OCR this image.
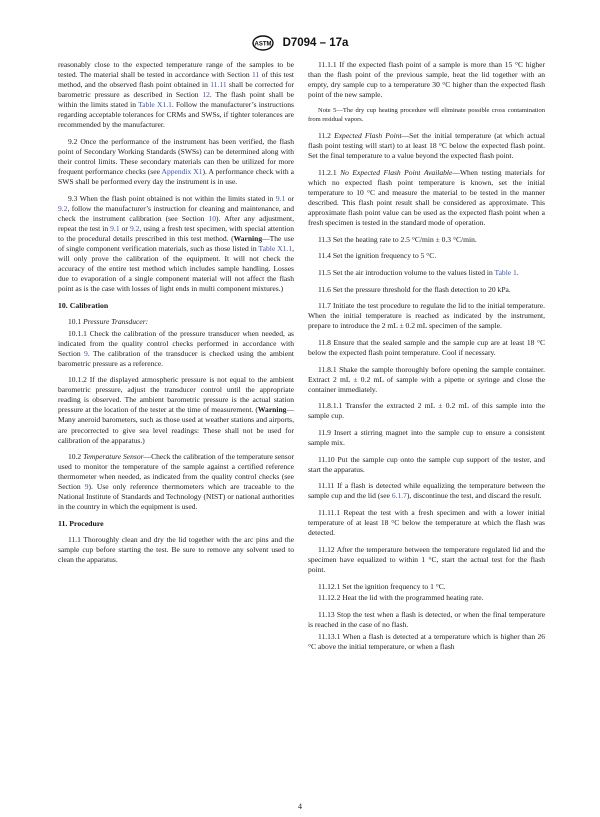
ASTM D7094 – 17a

reasonably close to the expected temperature range of the samples to be tested. The material shall be tested in accordance with Section 11 of this test method, and the observed flash point obtained in 11.11 shall be corrected for barometric pressure as described in Section 12. The flash point shall be within the limits stated in Table X1.1. Follow the manufacturer’s instructions regarding acceptable tolerances for CRMs and SWSs, if tighter tolerances are recommended by the manufacturer.

9.2 Once the performance of the instrument has been verified, the flash point of Secondary Working Standards (SWSs) can be determined along with their control limits. These secondary materials can then be utilized for more frequent performance checks (see Appendix X1). A performance check with a SWS shall be performed every day the instrument is in use.

9.3 When the flash point obtained is not within the limits stated in 9.1 or 9.2, follow the manufacturer’s instruction for cleaning and maintenance, and check the instrument calibration (see Section 10). After any adjustment, repeat the test in 9.1 or 9.2, using a fresh test specimen, with special attention to the procedural details prescribed in this test method. (Warning—The use of single component verification materials, such as those listed in Table X1.1, will only prove the calibration of the equipment. It will not check the accuracy of the entire test method which includes sample handling. Losses due to evaporation of a single component material will not affect the flash point as is the case with losses of light ends in multi component mixtures.)

10. Calibration

10.1 Pressure Transducer:

10.1.1 Check the calibration of the pressure transducer when needed, as indicated from the quality control checks performed in accordance with Section 9. The calibration of the transducer is checked using the ambient barometric pressure as a reference.

10.1.2 If the displayed atmospheric pressure is not equal to the ambient barometric pressure, adjust the transducer control until the appropriate reading is observed. The ambient barometric pressure is the actual station pressure at the location of the tester at the time of measurement. (Warning—Many aneroid barometers, such as those used at weather stations and airports, are precorrected to give sea level readings: These shall not be used for calibration of the apparatus.)

10.2 Temperature Sensor—Check the calibration of the temperature sensor used to monitor the temperature of the sample against a certified reference thermometer when needed, as indicated from the quality control checks (see Section 9). Use only reference thermometers which are traceable to the National Institute of Standards and Technology (NIST) or national authorities in the country in which the equipment is used.

11. Procedure

11.1 Thoroughly clean and dry the lid together with the arc pins and the sample cup before starting the test. Be sure to remove any solvent used to clean the apparatus.

11.1.1 If the expected flash point of a sample is more than 15 °C higher than the flash point of the previous sample, heat the lid together with an empty, dry sample cup to a temperature 30 °C higher than the expected flash point of the new sample.

Note 5—The dry cup heating procedure will eliminate possible cross contamination from residual vapors.

11.2 Expected Flash Point—Set the initial temperature (at which actual flash point testing will start) to at least 18 °C below the expected flash point. Set the final temperature to a value beyond the expected flash point.

11.2.1 No Expected Flash Point Available—When testing materials for which no expected flash point temperature is known, set the initial temperature to 10 °C and measure the material to be tested in the manner described. This flash point result shall be considered as approximate. This approximate flash point value can be used as the expected flash point when a fresh specimen is tested in the standard mode of operation.

11.3 Set the heating rate to 2.5 °C/min ± 0.3 °C/min.

11.4 Set the ignition frequency to 5 °C.

11.5 Set the air introduction volume to the values listed in Table 1.

11.6 Set the pressure threshold for the flash detection to 20 kPa.

11.7 Initiate the test procedure to regulate the lid to the initial temperature. When the initial temperature is reached as indicated by the instrument, prepare to introduce the 2 mL ± 0.2 mL specimen of the sample.

11.8 Ensure that the sealed sample and the sample cup are at least 18 °C below the expected flash point temperature. Cool if necessary.

11.8.1 Shake the sample thoroughly before opening the sample container. Extract 2 mL ± 0.2 mL of sample with a pipette or syringe and close the container immediately.

11.8.1.1 Transfer the extracted 2 mL ± 0.2 mL of this sample into the sample cup.

11.9 Insert a stirring magnet into the sample cup to ensure a consistent sample mix.

11.10 Put the sample cup onto the sample cup support of the tester, and start the apparatus.

11.11 If a flash is detected while equalizing the temperature between the sample cup and the lid (see 6.1.7), discontinue the test, and discard the result.

11.11.1 Repeat the test with a fresh specimen and with a lower initial temperature of at least 18 °C below the temperature at which the flash was detected.

11.12 After the temperature between the temperature regulated lid and the specimen have equalized to within 1 °C, start the actual test for the flash point.

11.12.1 Set the ignition frequency to 1 °C.

11.12.2 Heat the lid with the programmed heating rate.

11.13 Stop the test when a flash is detected, or when the final temperature is reached in the case of no flash.

11.13.1 When a flash is detected at a temperature which is higher than 26 °C above the initial temperature, or when a flash

4
